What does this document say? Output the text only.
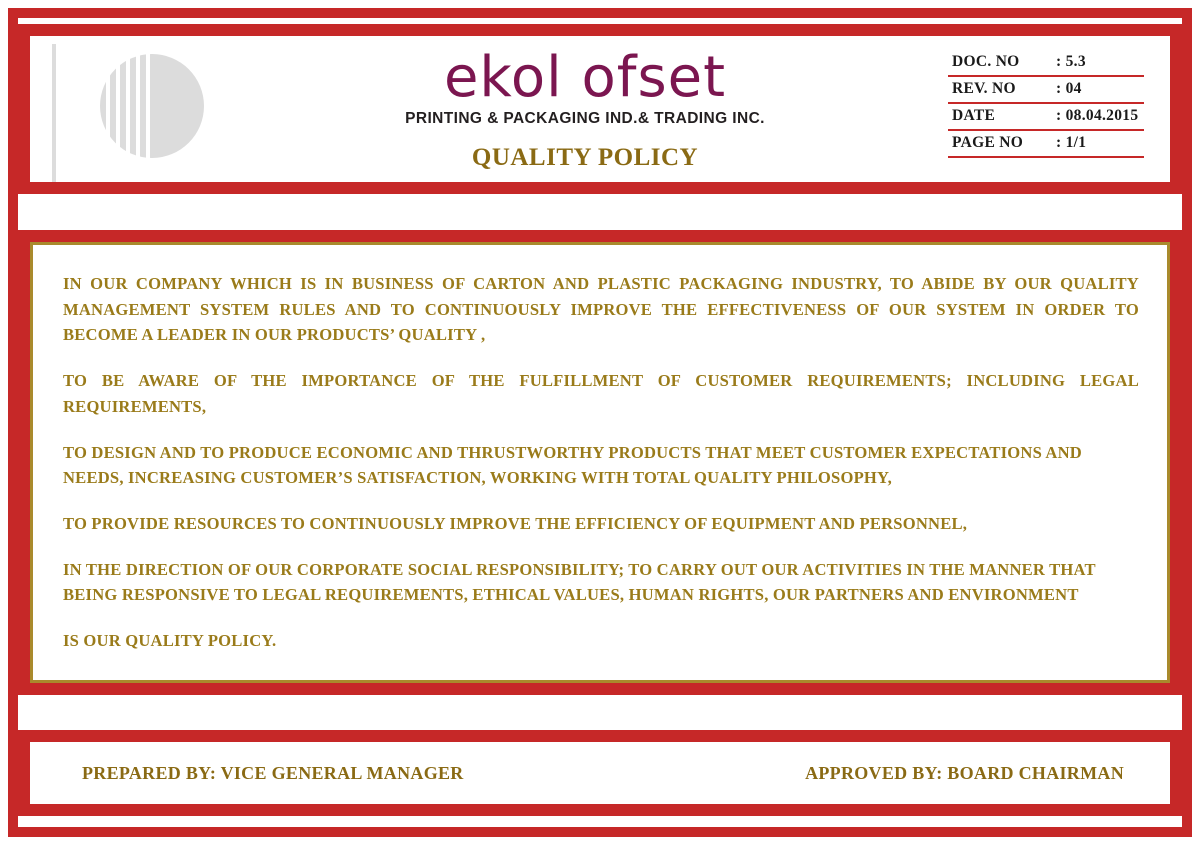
ekol ofset
PRINTING & PACKAGING IND.& TRADING INC.
QUALITY POLICY
DOC. NO	: 5.3
REV. NO	: 04
DATE	: 08.04.2015
PAGE NO	: 1/1

IN OUR COMPANY WHICH IS IN BUSINESS OF CARTON AND PLASTIC PACKAGING INDUSTRY, TO ABIDE BY OUR QUALITY MANAGEMENT SYSTEM RULES AND TO CONTINUOUSLY IMPROVE THE EFFECTIVENESS OF OUR SYSTEM IN ORDER TO BECOME A LEADER IN OUR PRODUCTS’ QUALITY ,

TO BE AWARE OF THE IMPORTANCE OF THE FULFILLMENT OF CUSTOMER REQUIREMENTS; INCLUDING LEGAL REQUIREMENTS,

TO DESIGN AND TO PRODUCE ECONOMIC AND THRUSTWORTHY PRODUCTS THAT MEET CUSTOMER EXPECTATIONS AND NEEDS, INCREASING CUSTOMER’S SATISFACTION, WORKING WITH TOTAL QUALITY PHILOSOPHY,

TO PROVIDE RESOURCES TO CONTINUOUSLY IMPROVE THE EFFICIENCY OF EQUIPMENT AND PERSONNEL,

IN THE DIRECTION OF OUR CORPORATE SOCIAL RESPONSIBILITY; TO CARRY OUT OUR ACTIVITIES IN THE MANNER THAT BEING RESPONSIVE TO LEGAL REQUIREMENTS, ETHICAL VALUES, HUMAN RIGHTS, OUR PARTNERS AND ENVIRONMENT

IS OUR QUALITY POLICY.

PREPARED BY: VICE GENERAL MANAGER	APPROVED BY: BOARD CHAIRMAN
